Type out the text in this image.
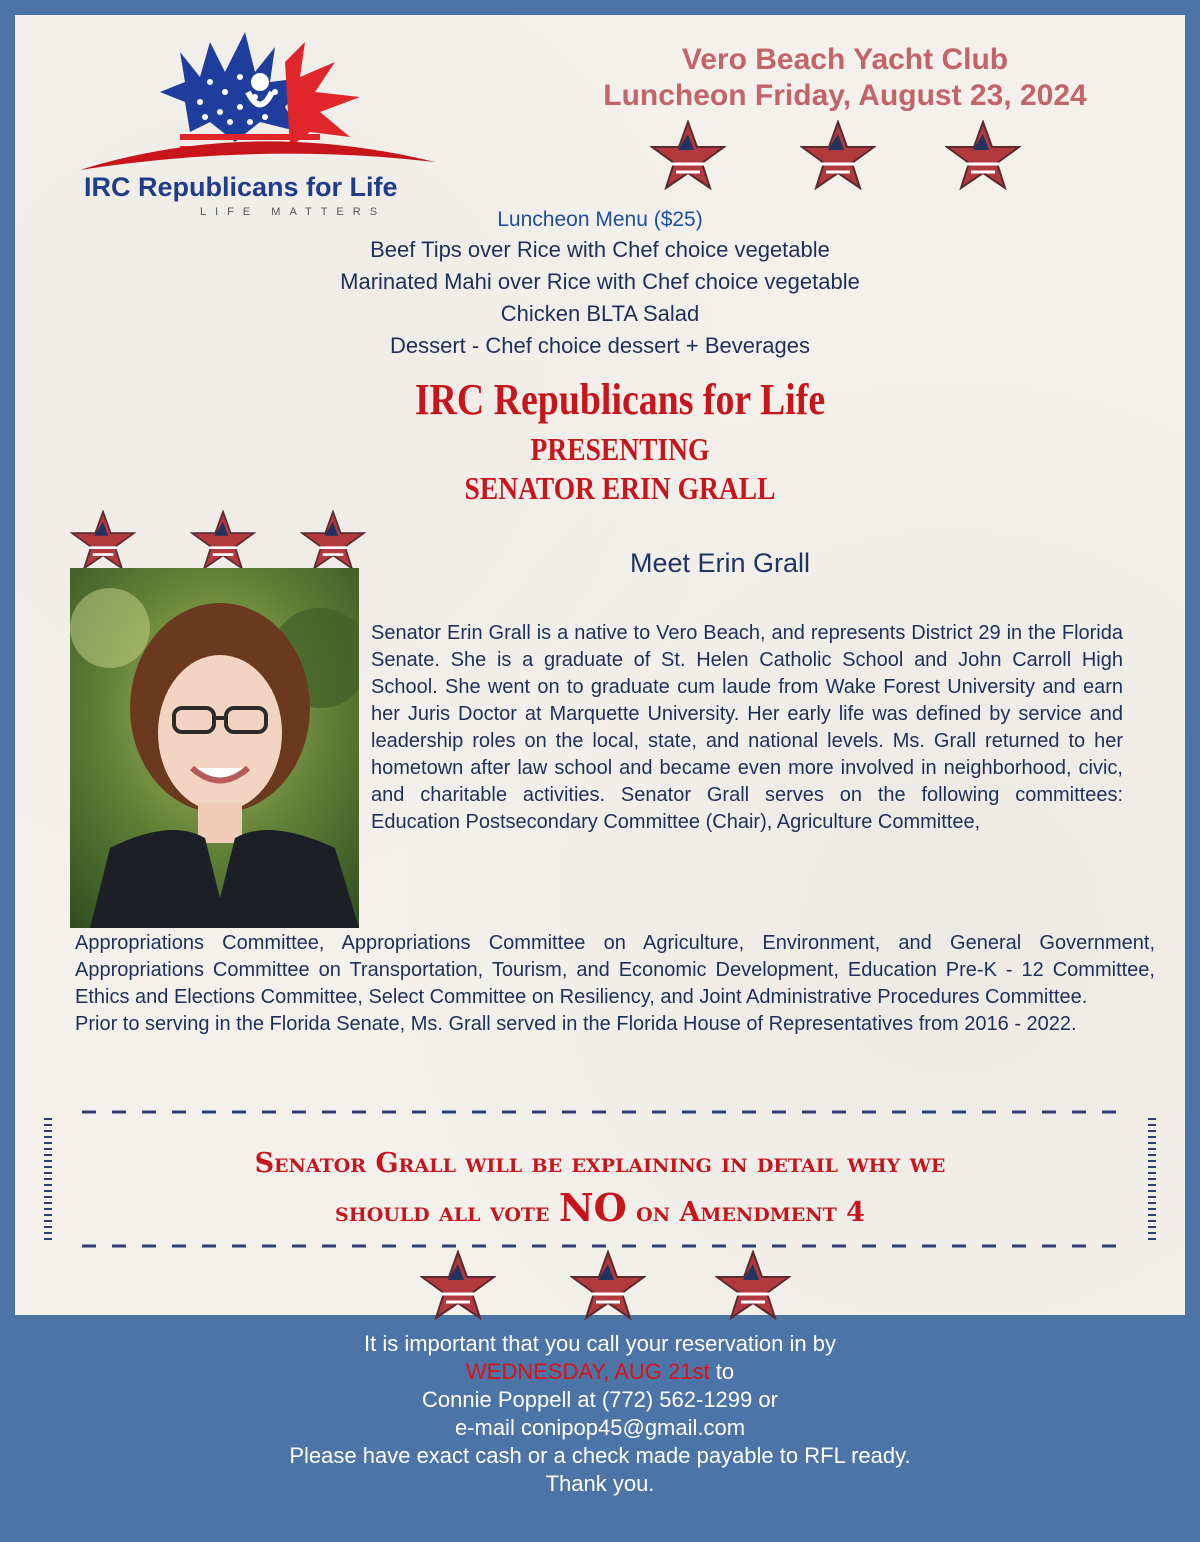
IRC Republicans for Life
LIFE MATTERS
Vero Beach Yacht Club
Luncheon Friday, August 23, 2024
Luncheon Menu ($25)
Beef Tips over Rice with Chef choice vegetable
Marinated Mahi over Rice with Chef choice vegetable
Chicken BLTA Salad
Dessert - Chef choice dessert + Beverages
IRC Republicans for Life
PRESENTING
SENATOR ERIN GRALL
Meet Erin Grall
Senator Erin Grall is a native to Vero Beach, and represents District 29 in the Florida Senate. She is a graduate of St. Helen Catholic School and John Carroll High School. She went on to graduate cum laude from Wake Forest University and earn her Juris Doctor at Marquette University. Her early life was defined by service and leadership roles on the local, state, and national levels. Ms. Grall returned to her hometown after law school and became even more involved in neighborhood, civic, and charitable activities. Senator Grall serves on the following committees: Education Postsecondary Committee (Chair), Agriculture Committee,
Appropriations Committee, Appropriations Committee on Agriculture, Environment, and General Government, Appropriations Committee on Transportation, Tourism, and Economic Development, Education Pre-K - 12 Committee, Ethics and Elections Committee, Select Committee on Resiliency, and Joint Administrative Procedures Committee.
Prior to serving in the Florida Senate, Ms. Grall served in the Florida House of Representatives from 2016 - 2022.
Senator Grall will be explaining in detail why we
should all vote NO on Amendment 4
It is important that you call your reservation in by
WEDNESDAY, AUG 21st to
Connie Poppell at (772) 562-1299 or
e-mail conipop45@gmail.com
Please have exact cash or a check made payable to RFL ready.
Thank you.
